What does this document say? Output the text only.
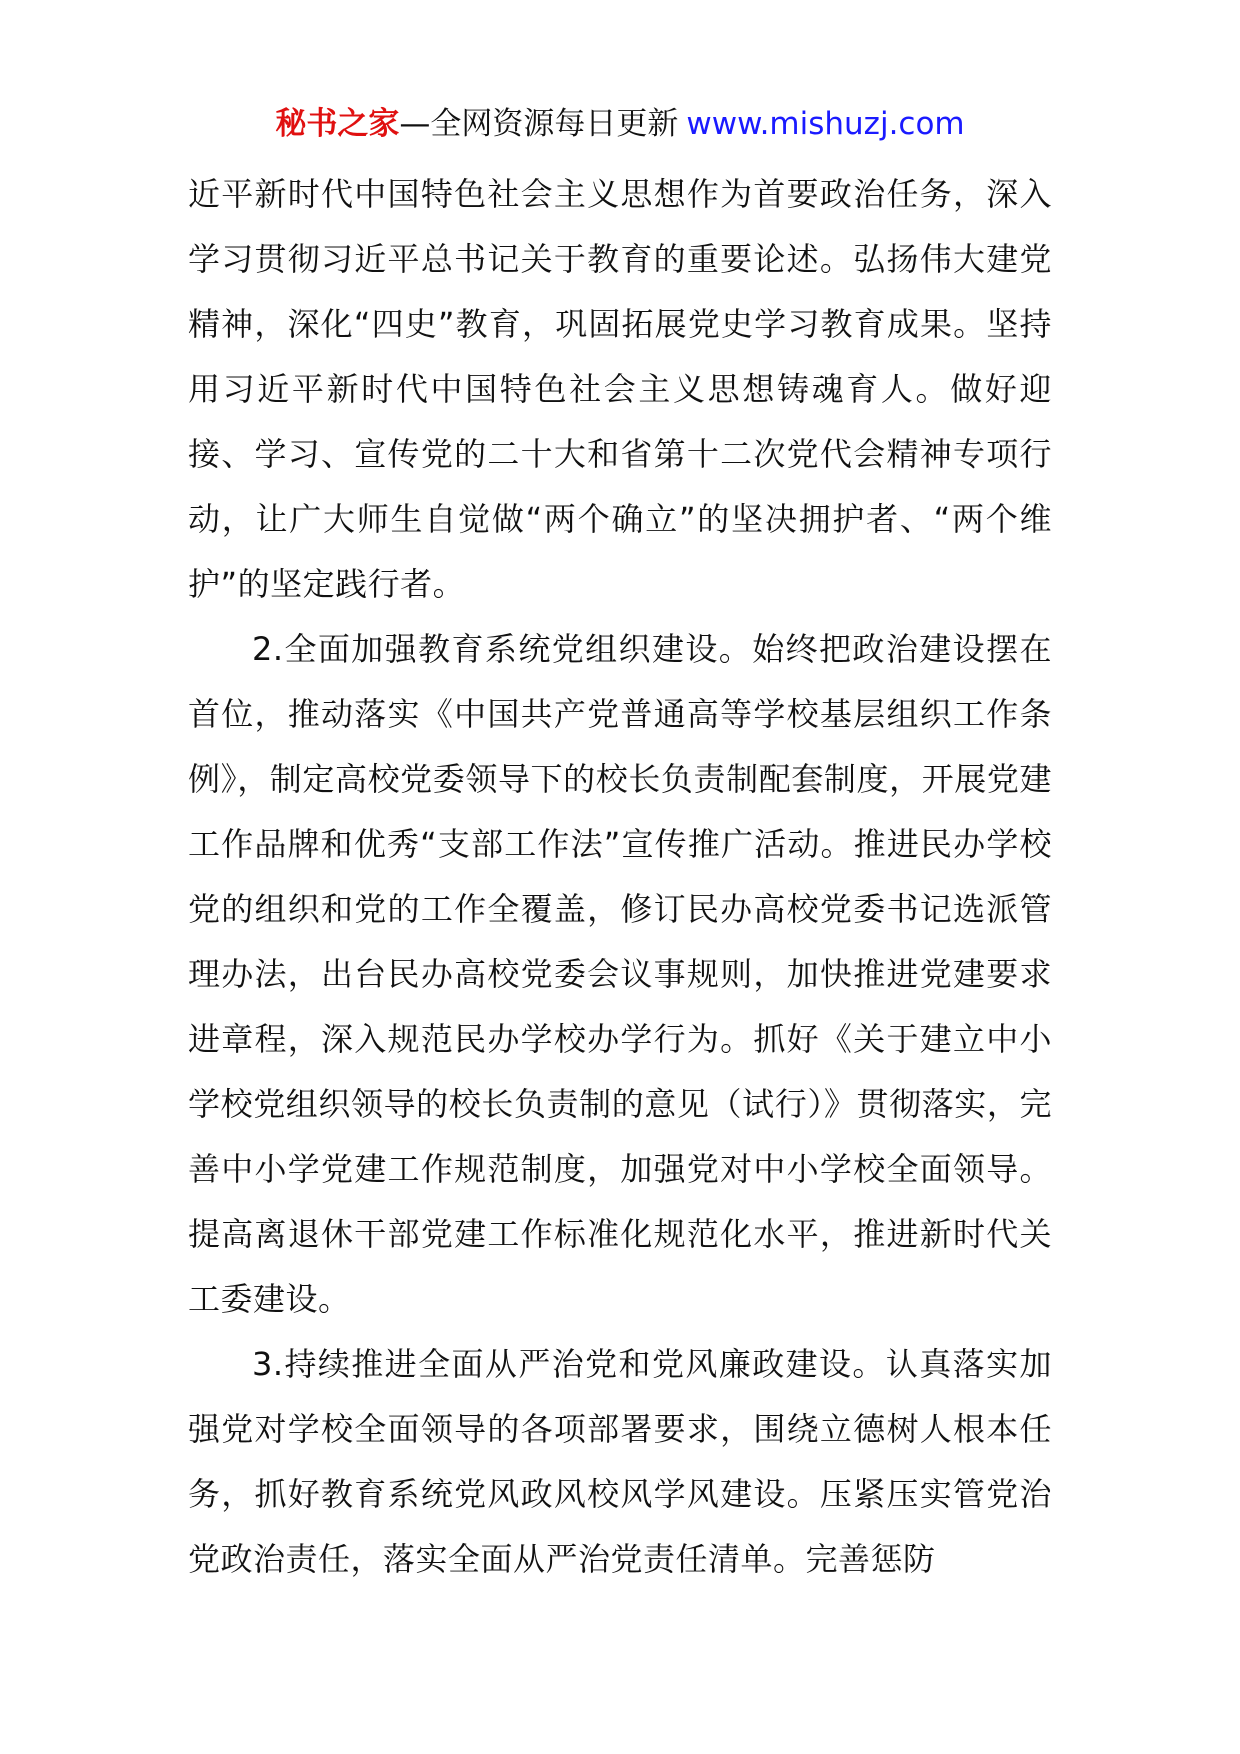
秘书之家—全网资源每日更新 www.mishuzj.com

近平新时代中国特色社会主义思想作为首要政治任务，深入学习贯彻习近平总书记关于教育的重要论述。弘扬伟大建党精神，深化“四史”教育，巩固拓展党史学习教育成果。坚持用习近平新时代中国特色社会主义思想铸魂育人。做好迎接、学习、宣传党的二十大和省第十二次党代会精神专项行动，让广大师生自觉做“两个确立”的坚决拥护者、“两个维护”的坚定践行者。

2.全面加强教育系统党组织建设。始终把政治建设摆在首位，推动落实《中国共产党普通高等学校基层组织工作条例》，制定高校党委领导下的校长负责制配套制度，开展党建工作品牌和优秀“支部工作法”宣传推广活动。推进民办学校党的组织和党的工作全覆盖，修订民办高校党委书记选派管理办法，出台民办高校党委会议事规则，加快推进党建要求进章程，深入规范民办学校办学行为。抓好《关于建立中小学校党组织领导的校长负责制的意见（试行）》贯彻落实，完善中小学党建工作规范制度，加强党对中小学校全面领导。提高离退休干部党建工作标准化规范化水平，推进新时代关工委建设。

3.持续推进全面从严治党和党风廉政建设。认真落实加强党对学校全面领导的各项部署要求，围绕立德树人根本任务，抓好教育系统党风政风校风学风建设。压紧压实管党治党政治责任，落实全面从严治党责任清单。完善惩防
